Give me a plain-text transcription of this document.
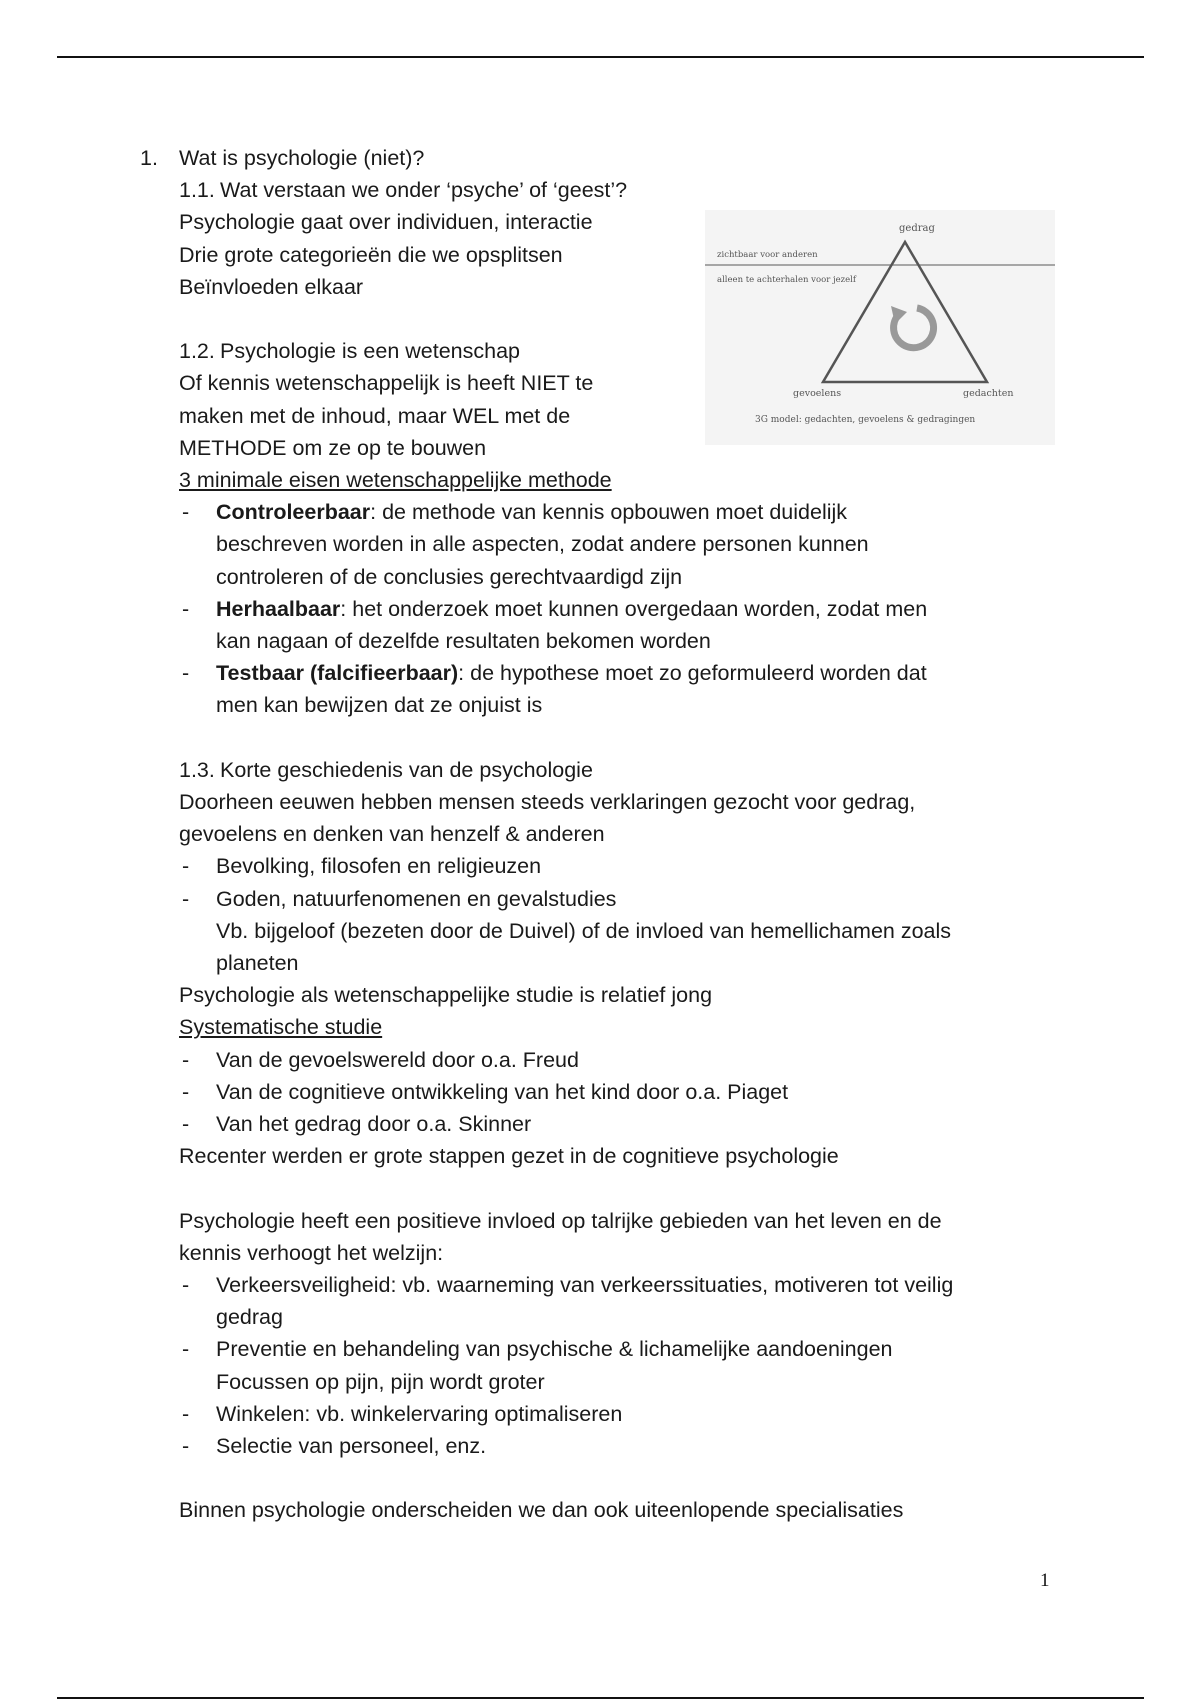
1. Wat is psychologie (niet)?

1.1. Wat verstaan we onder ‘psyche’ of ‘geest’?

Psychologie gaat over individuen, interactie

Drie grote categorieën die we opsplitsen

Beïnvloeden elkaar

1.2. Psychologie is een wetenschap

Of kennis wetenschappelijk is heeft NIET te

maken met de inhoud, maar WEL met de

METHODE om ze op te bouwen

3 minimale eisen wetenschappelijke methode

- Controleerbaar: de methode van kennis opbouwen moet duidelijk

beschreven worden in alle aspecten, zodat andere personen kunnen

controleren of de conclusies gerechtvaardigd zijn

- Herhaalbaar: het onderzoek moet kunnen overgedaan worden, zodat men

kan nagaan of dezelfde resultaten bekomen worden

- Testbaar (falcifieerbaar): de hypothese moet zo geformuleerd worden dat

men kan bewijzen dat ze onjuist is

1.3. Korte geschiedenis van de psychologie

Doorheen eeuwen hebben mensen steeds verklaringen gezocht voor gedrag,

gevoelens en denken van henzelf & anderen

- Bevolking, filosofen en religieuzen

- Goden, natuurfenomenen en gevalstudies

Vb. bijgeloof (bezeten door de Duivel) of de invloed van hemellichamen zoals

planeten

Psychologie als wetenschappelijke studie is relatief jong

Systematische studie

- Van de gevoelswereld door o.a. Freud

- Van de cognitieve ontwikkeling van het kind door o.a. Piaget

- Van het gedrag door o.a. Skinner

Recenter werden er grote stappen gezet in de cognitieve psychologie

Psychologie heeft een positieve invloed op talrijke gebieden van het leven en de

kennis verhoogt het welzijn:

- Verkeersveiligheid: vb. waarneming van verkeerssituaties, motiveren tot veilig

gedrag

- Preventie en behandeling van psychische & lichamelijke aandoeningen

Focussen op pijn, pijn wordt groter

- Winkelen: vb. winkelervaring optimaliseren

- Selectie van personeel, enz.

Binnen psychologie onderscheiden we dan ook uiteenlopende specialisaties

gedrag
zichtbaar voor anderen
alleen te achterhalen voor jezelf
gevoelens	gedachten
3G model: gedachten, gevoelens & gedragingen
1
